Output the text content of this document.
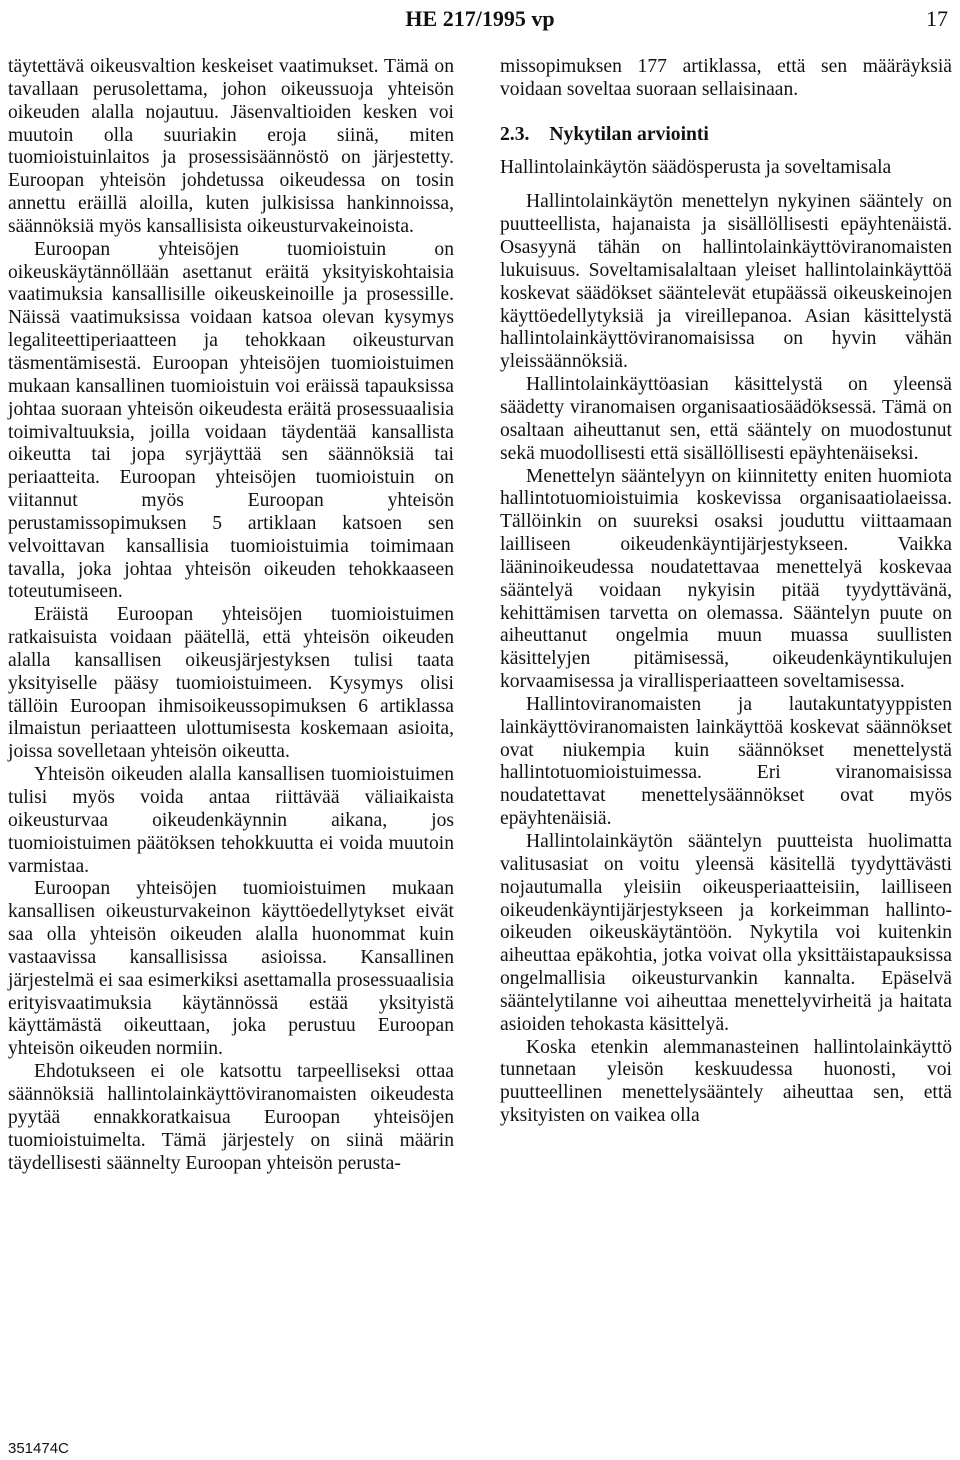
HE 217/1995 vp	17

täytettävä oikeusvaltion keskeiset vaatimukset. Tämä on tavallaan perusolettama, johon oikeussuoja yhteisön oikeuden alalla nojautuu. Jäsenvaltioiden kesken voi muutoin olla suuriakin eroja siinä, miten tuomioistuinlaitos ja prosessisäännöstö on järjestetty. Euroopan yhteisön johdetussa oikeudessa on tosin annettu eräillä aloilla, kuten julkisissa hankinnoissa, säännöksiä myös kansallisista oikeusturvakeinoista.

Euroopan yhteisöjen tuomioistuin on oikeuskäytännöllään asettanut eräitä yksityiskohtaisia vaatimuksia kansallisille oikeuskeinoille ja prosessille. Näissä vaatimuksissa voidaan katsoa olevan kysymys legaliteettiperiaatteen ja tehokkaan oikeusturvan täsmentämisestä. Euroopan yhteisöjen tuomioistuimen mukaan kansallinen tuomioistuin voi eräissä tapauksissa johtaa suoraan yhteisön oikeudesta eräitä prosessuaalisia toimivaltuuksia, joilla voidaan täydentää kansallista oikeutta tai jopa syrjäyttää sen säännöksiä tai periaatteita. Euroopan yhteisöjen tuomioistuin on viitannut myös Euroopan yhteisön perustamissopimuksen 5 artiklaan katsoen sen velvoittavan kansallisia tuomioistuimia toimimaan tavalla, joka johtaa yhteisön oikeuden tehokkaaseen toteutumiseen.

Eräistä Euroopan yhteisöjen tuomioistuimen ratkaisuista voidaan päätellä, että yhteisön oikeuden alalla kansallisen oikeusjärjestyksen tulisi taata yksityiselle pääsy tuomioistuimeen. Kysymys olisi tällöin Euroopan ihmisoikeussopimuksen 6 artiklassa ilmaistun periaatteen ulottumisesta koskemaan asioita, joissa sovelletaan yhteisön oikeutta.

Yhteisön oikeuden alalla kansallisen tuomioistuimen tulisi myös voida antaa riittävää väliaikaista oikeusturvaa oikeudenkäynnin aikana, jos tuomioistuimen päätöksen tehokkuutta ei voida muutoin varmistaa.

Euroopan yhteisöjen tuomioistuimen mukaan kansallisen oikeusturvakeinon käyttöedellytykset eivät saa olla yhteisön oikeuden alalla huonommat kuin vastaavissa kansallisissa asioissa. Kansallinen järjestelmä ei saa esimerkiksi asettamalla prosessuaalisia erityisvaatimuksia käytännössä estää yksityistä käyttämästä oikeuttaan, joka perustuu Euroopan yhteisön oikeuden normiin.

Ehdotukseen ei ole katsottu tarpeelliseksi ottaa säännöksiä hallintolainkäyttöviranomaisten oikeudesta pyytää ennakkoratkaisua Euroopan yhteisöjen tuomioistuimelta. Tämä järjestely on siinä määrin täydellisesti säännelty Euroopan yhteisön perusta-

missopimuksen 177 artiklassa, että sen määräyksiä voidaan soveltaa suoraan sellaisinaan.

2.3. Nykytilan arviointi
Hallintolainkäytön säädösperusta ja soveltamisala

Hallintolainkäytön menettelyn nykyinen sääntely on puutteellista, hajanaista ja sisällöllisesti epäyhtenäistä. Osasyynä tähän on hallintolainkäyttöviranomaisten lukuisuus. Soveltamisalaltaan yleiset hallintolainkäyttöä koskevat säädökset sääntelevät etupäässä oikeuskeinojen käyttöedellytyksiä ja vireillepanoa. Asian käsittelystä hallintolainkäyttöviranomaisissa on hyvin vähän yleissäännöksiä.

Hallintolainkäyttöasian käsittelystä on yleensä säädetty viranomaisen organisaatiosäädöksessä. Tämä on osaltaan aiheuttanut sen, että sääntely on muodostunut sekä muodollisesti että sisällöllisesti epäyhtenäiseksi.

Menettelyn sääntelyyn on kiinnitetty eniten huomiota hallintotuomioistuimia koskevissa organisaatiolaeissa. Tällöinkin on suureksi osaksi jouduttu viittaamaan lailliseen oikeudenkäyntijärjestykseen. Vaikka lääninoikeudessa noudatettavaa menettelyä koskevaa sääntelyä voidaan nykyisin pitää tyydyttävänä, kehittämisen tarvetta on olemassa. Sääntelyn puute on aiheuttanut ongelmia muun muassa suullisten käsittelyjen pitämisessä, oikeudenkäyntikulujen korvaamisessa ja virallisperiaatteen soveltamisessa.

Hallintoviranomaisten ja lautakuntatyyppisten lainkäyttöviranomaisten lainkäyttöä koskevat säännökset ovat niukempia kuin säännökset menettelystä hallintotuomioistuimessa. Eri viranomaisissa noudatettavat menettelysäännökset ovat myös epäyhtenäisiä.

Hallintolainkäytön sääntelyn puutteista huolimatta valitusasiat on voitu yleensä käsitellä tyydyttävästi nojautumalla yleisiin oikeusperiaatteisiin, lailliseen oikeudenkäyntijärjestykseen ja korkeimman hallinto-oikeuden oikeuskäytäntöön. Nykytila voi kuitenkin aiheuttaa epäkohtia, jotka voivat olla yksittäistapauksissa ongelmallisia oikeusturvankin kannalta. Epäselvä sääntelytilanne voi aiheuttaa menettelyvirheitä ja haitata asioiden tehokasta käsittelyä.

Koska etenkin alemmanasteinen hallintolainkäyttö tunnetaan yleisön keskuudessa huonosti, voi puutteellinen menettelysääntely aiheuttaa sen, että yksityisten on vaikea olla

351474C
